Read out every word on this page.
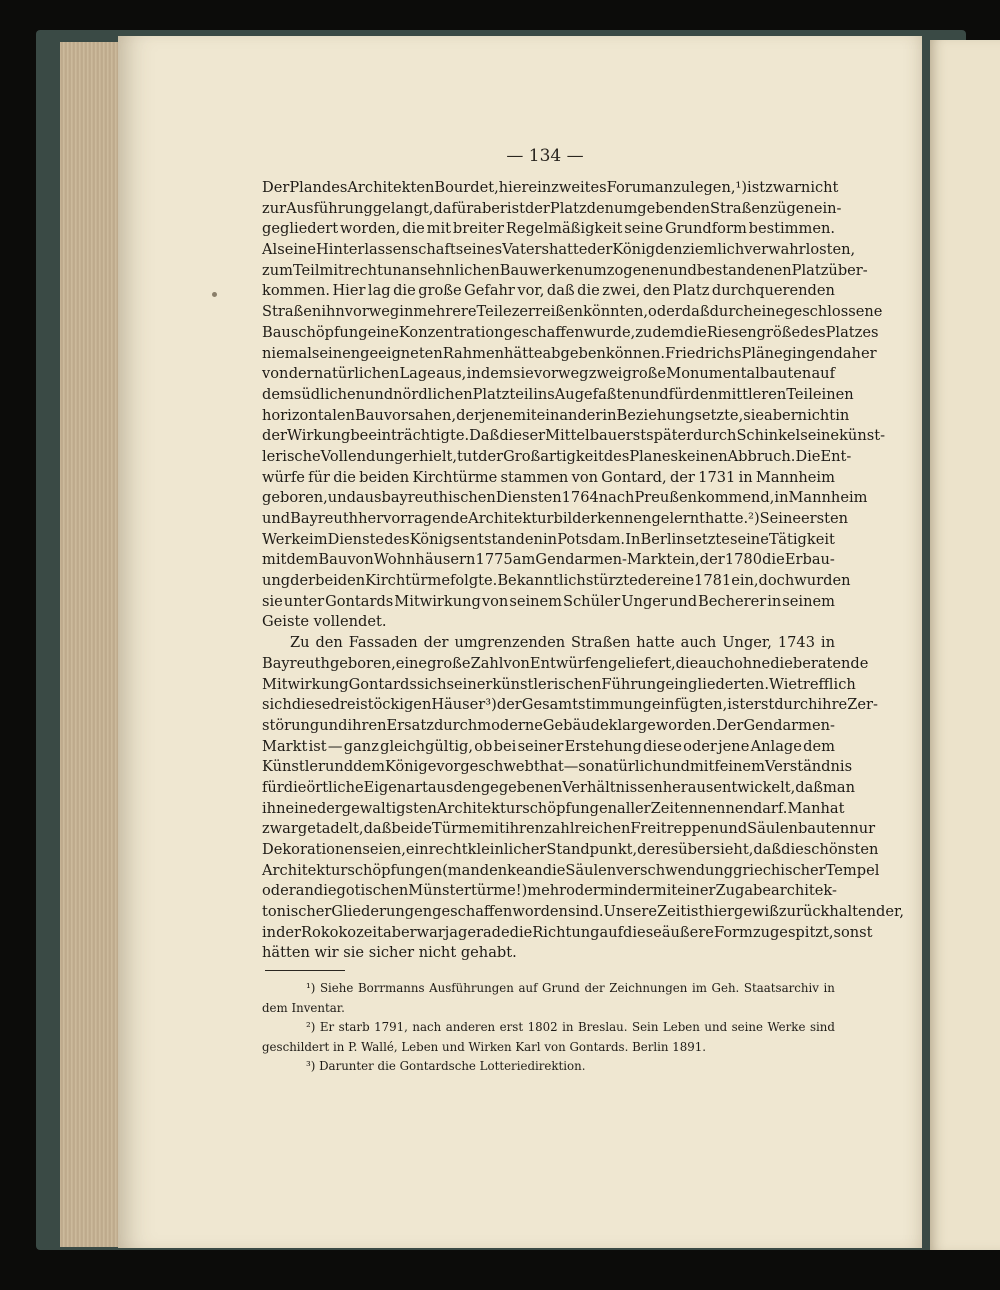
— 134 —
Der Plan des Architekten Bourdet, hier ein zweites Forum anzulegen,¹) ist zwar nicht
zur Ausführung gelangt, dafür aber ist der Platz den umgebenden Straßenzügen ein-
gegliedert worden, die mit breiter Regelmäßigkeit seine Grundform bestimmen.
Als eine Hinterlassenschaft seines Vaters hatte der König den ziemlich verwahrlosten,
zum Teil mit recht unansehnlichen Bauwerken umzogenen und bestandenen Platz über-
kommen. Hier lag die große Gefahr vor, daß die zwei, den Platz durchquerenden
Straßen ihn vorweg in mehrere Teile zerreißen könnten, oder daß durch eine geschlossene
Bauschöpfung eine Konzentration geschaffen wurde, zu dem die Riesengröße des Platzes
niemals einen geeigneten Rahmen hätte abgeben können. Friedrichs Pläne gingen daher
von der natürlichen Lage aus, in dem sie vorweg zwei große Monumentalbauten auf
dem südlichen und nördlichen Platzteil ins Auge faßten und für den mittleren Teil einen
horizontalen Bau vorsahen, der jene miteinander in Beziehung setzte, sie aber nicht in
der Wirkung beeinträchtigte. Daß dieser Mittelbau erst später durch Schinkel seine künst-
lerische Vollendung erhielt, tut der Großartigkeit des Planes keinen Abbruch. Die Ent-
würfe für die beiden Kirchtürme stammen von Gontard, der 1731 in Mannheim
geboren, und aus bayreuthischen Diensten 1764 nach Preußen kommend, in Mannheim
und Bayreuth hervorragende Architekturbilder kennen gelernt hatte.²) Seine ersten
Werke im Dienste des Königs entstanden in Potsdam. In Berlin setzte seine Tätigkeit
mit dem Bau von Wohnhäusern 1775 am Gendarmen-Markt ein, der 1780 die Erbau-
ung der beiden Kirchtürme folgte. Bekanntlich stürzte der eine 1781 ein, doch wurden
sie unter Gontards Mitwirkung von seinem Schüler Unger und Becherer in seinem
Geiste vollendet.
Zu den Fassaden der umgrenzenden Straßen hatte auch Unger, 1743 in
Bayreuth geboren, eine große Zahl von Entwürfen geliefert, die auch ohne die beratende
Mitwirkung Gontards sich seiner künstlerischen Führung eingliederten. Wie trefflich
sich diese dreistöckigen Häuser³) der Gesamtstimmung einfügten, ist erst durch ihre Zer-
störung und ihren Ersatz durch moderne Gebäude klar geworden. Der Gendarmen-
Markt ist — ganz gleichgültig, ob bei seiner Erstehung diese oder jene Anlage dem
Künstler und dem Könige vorgeschwebt hat — so natürlich und mit feinem Verständnis
für die örtliche Eigenart aus den gegebenen Verhältnissen heraus entwickelt, daß man
ihn eine der gewaltigsten Architekturschöpfungen aller Zeiten nennen darf. Man hat
zwar getadelt, daß beide Türme mit ihren zahlreichen Freitreppen und Säulenbauten nur
Dekorationen seien, ein recht kleinlicher Standpunkt, der es übersieht, daß die schönsten
Architekturschöpfungen (man denke an die Säulenverschwendung griechischer Tempel
oder an die gotischen Münstertürme!) mehr oder minder mit einer Zugabe architek-
tonischer Gliederungen geschaffen worden sind. Unsere Zeit ist hier gewiß zurückhaltender,
in der Rokokozeit aber war ja gerade die Richtung auf diese äußere Form zugespitzt, sonst
hätten wir sie sicher nicht gehabt.
¹) Siehe Borrmanns Ausführungen auf Grund der Zeichnungen im Geh. Staatsarchiv in
dem Inventar.
²) Er starb 1791, nach anderen erst 1802 in Breslau. Sein Leben und seine Werke sind
geschildert in P. Wallé, Leben und Wirken Karl von Gontards. Berlin 1891.
³) Darunter die Gontardsche Lotteriedirektion.
